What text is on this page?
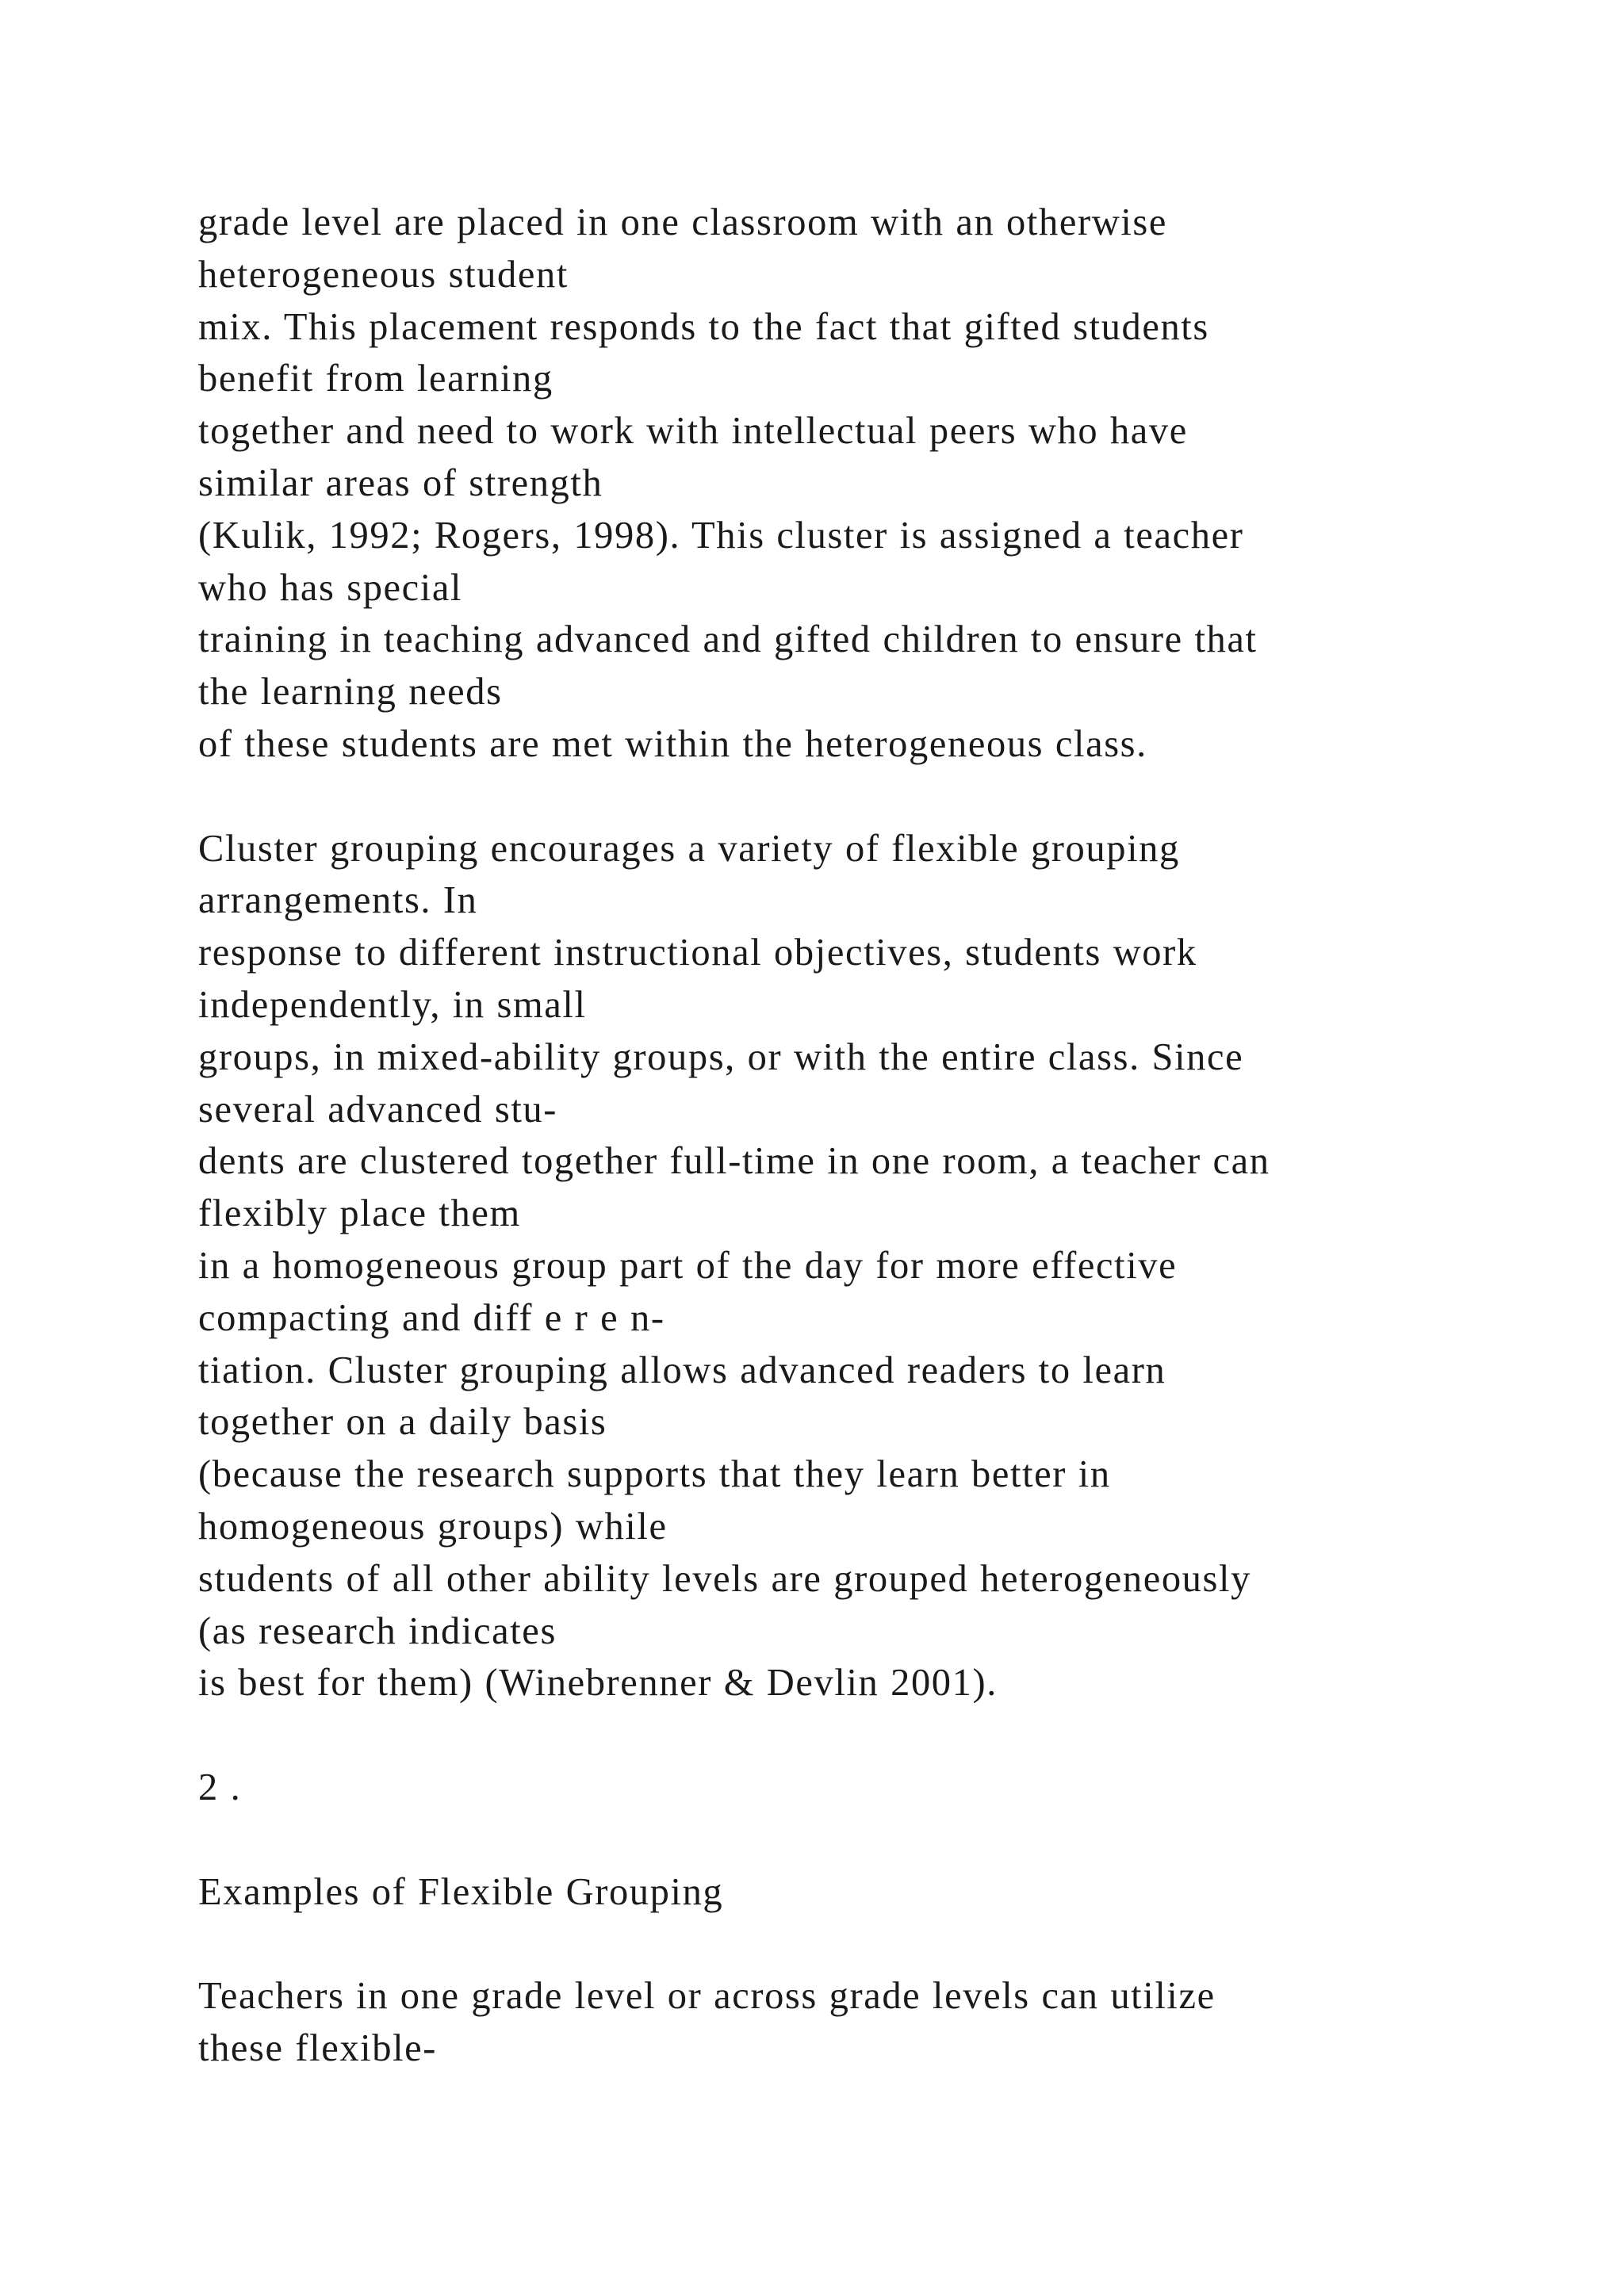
grade level are placed in one classroom with an otherwise
heterogeneous student
mix. This placement responds to the fact that gifted students
benefit from learning
together and need to work with intellectual peers who have
similar areas of strength
(Kulik, 1992; Rogers, 1998). This cluster is assigned a teacher
who has special
training in teaching advanced and gifted children to ensure that
the learning needs
of these students are met within the heterogeneous class.
Cluster grouping encourages a variety of flexible grouping
arrangements. In
response to different instructional objectives, students work
independently, in small
groups, in mixed-ability groups, or with the entire class. Since
several advanced stu-
dents are clustered together full-time in one room, a teacher can
flexibly place them
in a homogeneous group part of the day for more effective
compacting and diff e r e n-
tiation. Cluster grouping allows advanced readers to learn
together on a daily basis
(because the research supports that they learn better in
homogeneous groups) while
students of all other ability levels are grouped heterogeneously
(as research indicates
is best for them) (Winebrenner & Devlin 2001).
2 .
Examples of Flexible Grouping
Teachers in one grade level or across grade levels can utilize
these flexible-
